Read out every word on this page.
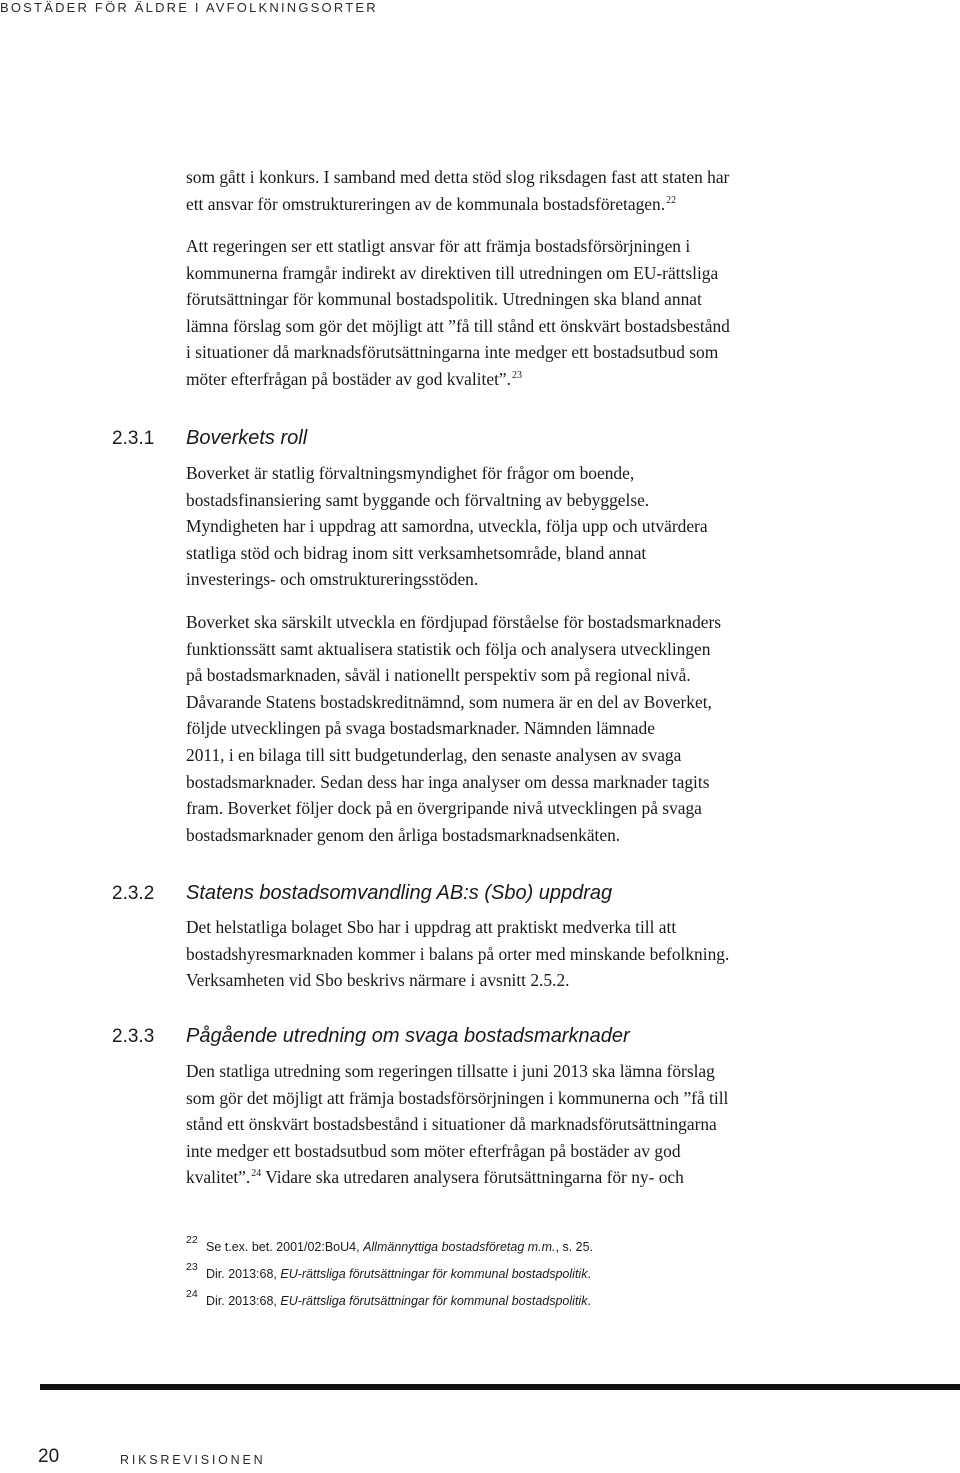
BOSTÄDER FÖR ÄLDRE I AVFOLKNINGSORTER

som gått i konkurs. I samband med detta stöd slog riksdagen fast att staten har
ett ansvar för omstruktureringen av de kommunala bostadsföretagen.$^{22}$

Att regeringen ser ett statligt ansvar för att främja bostadsförsörjningen i
kommunerna framgår indirekt av direktiven till utredningen om EU-rättsliga
förutsättningar för kommunal bostadspolitik. Utredningen ska bland annat
lämna förslag som gör det möjligt att ”få till stånd ett önskvärt bostadsbestånd
i situationer då marknadsförutsättningarna inte medger ett bostadsutbud som
möter efterfrågan på bostäder av god kvalitet”.$^{23}$

2.3.1 Boverkets roll

Boverket är statlig förvaltningsmyndighet för frågor om boende,
bostadsfinansiering samt byggande och förvaltning av bebyggelse.
Myndigheten har i uppdrag att samordna, utveckla, följa upp och utvärdera
statliga stöd och bidrag inom sitt verksamhetsområde, bland annat
investerings- och omstruktureringsstöden.

Boverket ska särskilt utveckla en fördjupad förståelse för bostadsmarknaders
funktionssätt samt aktualisera statistik och följa och analysera utvecklingen
på bostadsmarknaden, såväl i nationellt perspektiv som på regional nivå.
Dåvarande Statens bostadskreditnämnd, som numera är en del av Boverket,
följde utvecklingen på svaga bostadsmarknader. Nämnden lämnade
2011, i en bilaga till sitt budgetunderlag, den senaste analysen av svaga
bostadsmarknader. Sedan dess har inga analyser om dessa marknader tagits
fram. Boverket följer dock på en övergripande nivå utvecklingen på svaga
bostadsmarknader genom den årliga bostadsmarknadsenkäten.

2.3.2 Statens bostadsomvandling AB:s (Sbo) uppdrag

Det helstatliga bolaget Sbo har i uppdrag att praktiskt medverka till att
bostadshyresmarknaden kommer i balans på orter med minskande befolkning.
Verksamheten vid Sbo beskrivs närmare i avsnitt 2.5.2.

2.3.3 Pågående utredning om svaga bostadsmarknader

Den statliga utredning som regeringen tillsatte i juni 2013 ska lämna förslag
som gör det möjligt att främja bostadsförsörjningen i kommunerna och ”få till
stånd ett önskvärt bostadsbestånd i situationer då marknadsförutsättningarna
inte medger ett bostadsutbud som möter efterfrågan på bostäder av god
kvalitet”.$^{24}$ Vidare ska utredaren analysera förutsättningarna för ny- och

22 Se t.ex. bet. 2001/02:BoU4, Allmännyttiga bostadsföretag m.m., s. 25.
23 Dir. 2013:68, EU-rättsliga förutsättningar för kommunal bostadspolitik.
24 Dir. 2013:68, EU-rättsliga förutsättningar för kommunal bostadspolitik.
20	RIKSREVISIONEN
